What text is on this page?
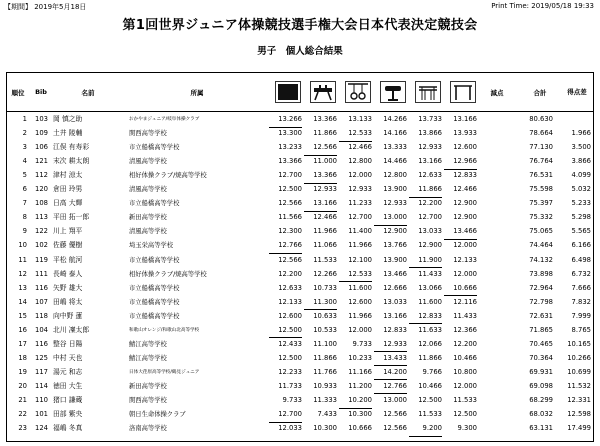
【期間】 2019年5月18日	Print Time: 2019/05/18 19:33
第1回世界ジュニア体操競技選手権大会日本代表決定競技会
男子　個人総合結果
順位	Bib	名前	所属	減点	合計	得点差
1	103 岡 慎之助	おかやまジュニア/岐阜体操クラブ	13.266	13.366	13.133	14.266	13.733	13.166	80.630
2	109 土井 陵輔	関西高等学校	13.300	11.866	12.533	14.166	13.866	13.933	78.664	1.966
3	106 江俣 有寿彩	市立船橋高等学校	13.233	12.566	12.466	13.333	12.933	12.600	77.130	3.500
4	121 末次 耕太朗	清風高等学校	13.366	11.000	12.800	14.466	13.166	12.966	76.764	3.866
5	112 津村 涼太	相好体操クラブ/焼高等学校	12.700	13.366	12.000	12.800	12.633	12.833	76.531	4.099
6	120 倉田 玲男	清風高等学校	12.500	12.933	12.933	13.900	11.866	12.466	75.598	5.032
7	108 日高 大輝	市立船橋高等学校	12.566	13.166	11.233	12.933	12.200	12.900	75.397	5.233
8	113 平田 拓一郎	新田高等学校	11.566	12.466	12.700	13.000	12.700	12.900	75.332	5.298
9	122 川上 翔平	清風高等学校	12.300	11.966	11.400	12.900	13.033	13.466	75.065	5.565
10	102 佐藤 優樹	埼玉栄高等学校	12.766	11.066	11.966	13.766	12.900	12.000	74.464	6.166
11	119 平松 航河	市立船橋高等学校	12.566	11.533	12.100	13.900	11.900	12.133	74.132	6.498
12	111 長崎 泰人	相好体操クラブ/焼高等学校	12.200	12.266	12.533	13.466	11.433	12.000	73.898	6.732
13	116 矢野 雄大	市立船橋高等学校	12.633	10.733	11.600	12.666	13.066	10.666	72.964	7.666
14	107 田嶋 将太	市立船橋高等学校	12.133	11.300	12.600	13.033	11.600	12.116	72.798	7.832
15	118 向中野 蓮	市立船橋高等学校	12.600	10.633	11.966	13.166	12.833	11.433	72.631	7.999
16	104 北川 凜太郎	和歌山オレンジ/和歌山北高等学校	12.500	10.533	12.000	12.833	11.633	12.366	71.865	8.765
17	116 整谷 日陽	鯖江高等学校	12.433	11.100	9.733	12.933	12.066	12.200	70.465	10.165
18	125 中村 天也	鯖江高等学校	12.500	11.866	10.233	13.433	11.866	10.466	70.364	10.266
19	117 湯元 和志	日体大荏原高等学校/鶴見ジュニア	12.233	11.766	11.166	14.200	9.766	10.800	69.931	10.699
20	114 徳田 大生	新田高等学校	11.733	10.933	11.200	12.766	10.466	12.000	69.098	11.532
21	110 猪口 謙蔵	関西高等学校	9.733	11.333	10.200	13.000	12.500	11.533	68.299	12.331
22	101 田部 紫央	朝日生命体操クラブ	12.700	7.433	10.300	12.566	11.533	12.500	68.032	12.598
23	124 福嶋 冬真	洛南高等学校	12.033	10.300	10.666	12.566	9.200	9.300	63.131	17.499
